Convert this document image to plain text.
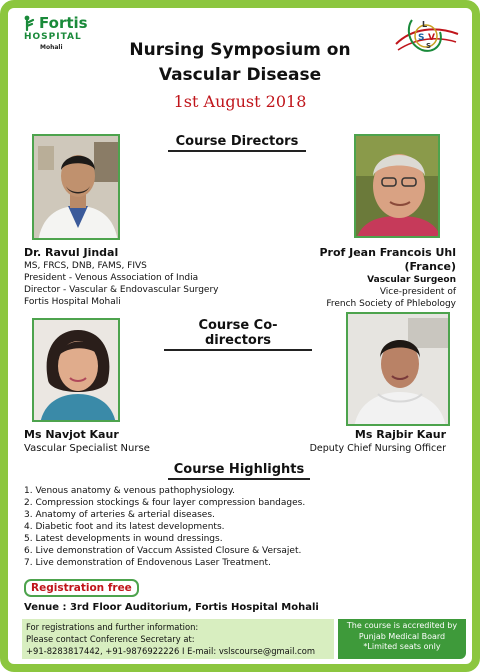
Fortis
HOSPITAL
Mohali
L
S V
S
Nursing Symposium on
Vascular Disease
1st August 2018
Course Directors
Dr. Ravul Jindal
MS, FRCS, DNB, FAMS, FIVS
President - Venous Association of India
Director - Vascular & Endovascular Surgery
Fortis Hospital Mohali
Prof Jean Francois Uhl (France)
Vascular Surgeon
Vice-president of
French Society of Phlebology
Course Co-directors
Ms Navjot Kaur
Vascular Specialist Nurse
Ms Rajbir Kaur
Deputy Chief Nursing Officer
Course Highlights
1. Venous anatomy & venous pathophysiology.
2. Compression stockings & four layer compression bandages.
3. Anatomy of arteries & arterial diseases.
4. Diabetic foot and its latest developments.
5. Latest developments in wound dressings.
6. Live demonstration of Vaccum Assisted Closure & Versajet.
7. Live demonstration of Endovenous Laser Treatment.
Registration free
Venue : 3rd Floor Auditorium, Fortis Hospital Mohali
For registrations and further information:
Please contact Conference Secretary at:
+91-8283817442, +91-9876922226 I E-mail: vslscourse@gmail.com
The course is accredited by
Punjab Medical Board
*Limited seats only
